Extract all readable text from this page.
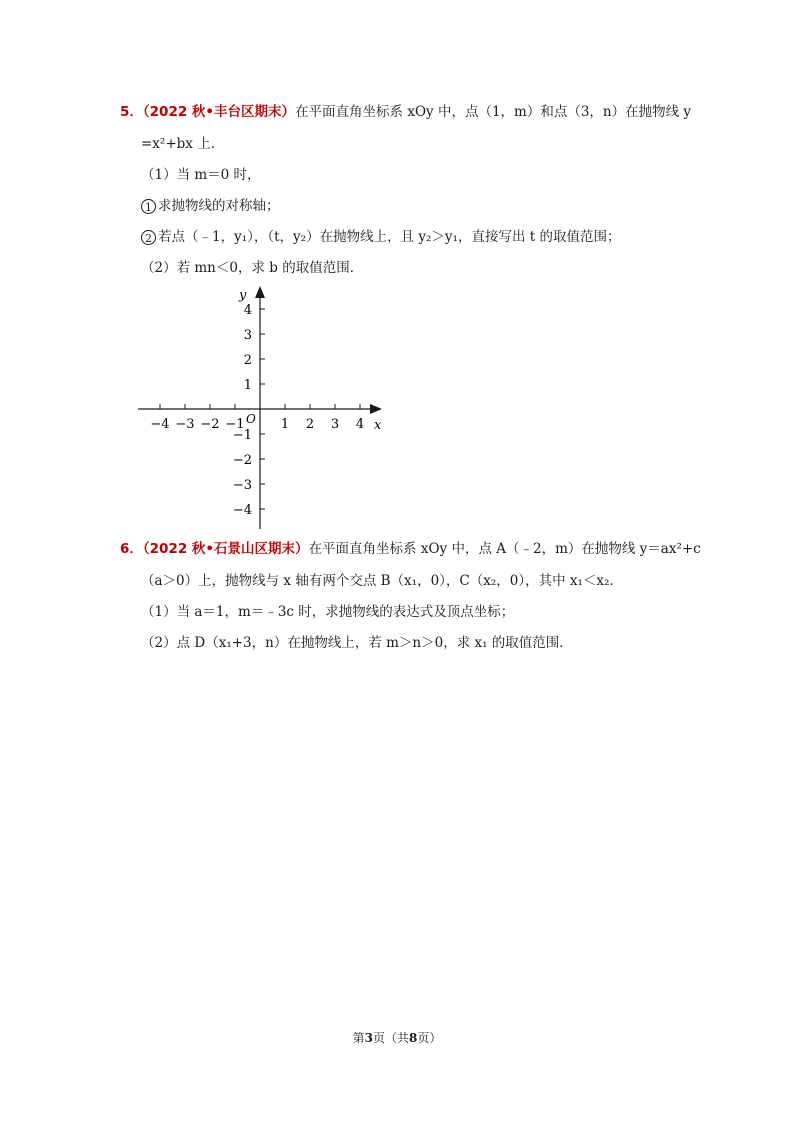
5．（2022 秋•丰台区期末）在平面直角坐标系 xOy 中，点（1，m）和点（3，n）在抛物线 y
=x²+bx 上．
（1）当 m＝0 时，
1 求抛物线的对称轴；
2 若点（﹣1，y₁），（t，y₂）在抛物线上，且 y₂＞y₁，直接写出 t 的取值范围；
（2）若 mn＜0，求 b 的取值范围．
−4 −3 −2 −1	1 2 3 4
4
3
2
1
−1
−2
−3
−4
x
y
O
6．（2022 秋•石景山区期末）在平面直角坐标系 xOy 中，点 A（﹣2，m）在抛物线 y＝ax²+c
（a＞0）上，抛物线与 x 轴有两个交点 B（x₁，0），C（x₂，0），其中 x₁＜x₂．
（1）当 a＝1，m＝﹣3c 时，求抛物线的表达式及顶点坐标；
（2）点 D（x₁+3，n）在抛物线上，若 m＞n＞0，求 x₁ 的取值范围．
第3页（共8页）
